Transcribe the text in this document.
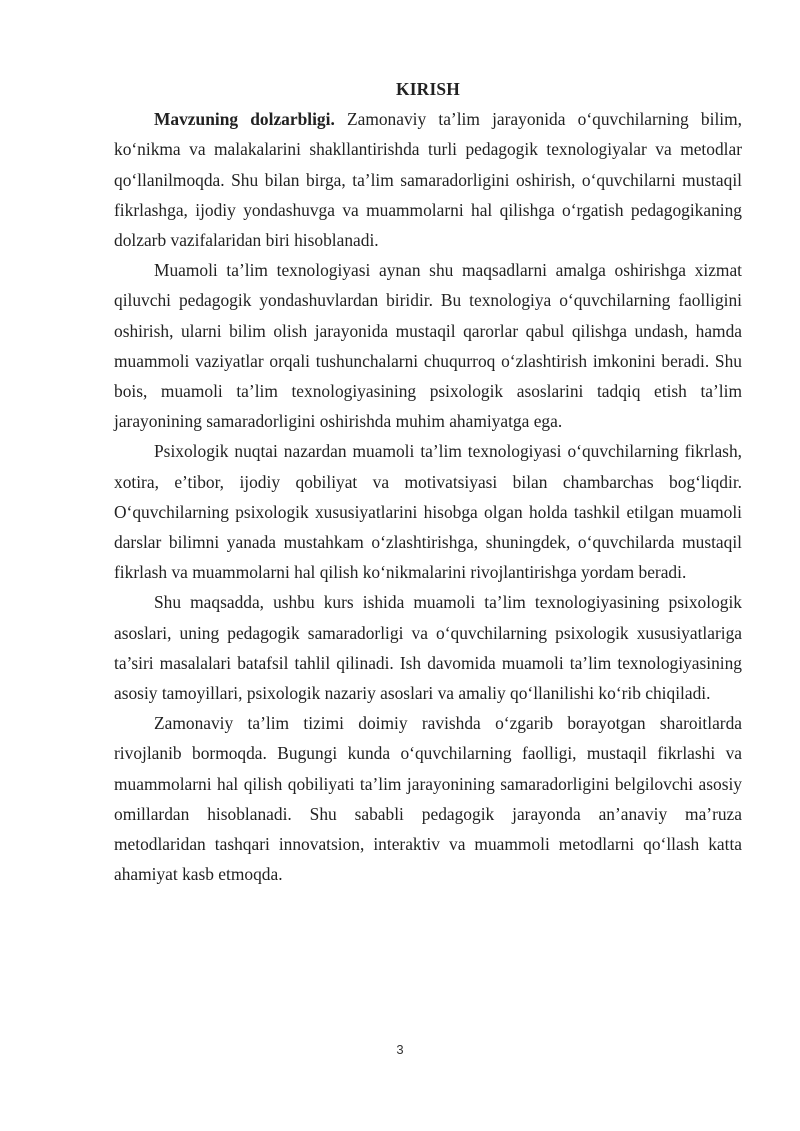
KIRISH

Mavzuning dolzarbligi. Zamonaviy ta’lim jarayonida o‘quvchilarning bilim, ko‘nikma va malakalarini shakllantirishda turli pedagogik texnologiyalar va metodlar qo‘llanilmoqda. Shu bilan birga, ta’lim samaradorligini oshirish, o‘quvchilarni mustaqil fikrlashga, ijodiy yondashuvga va muammolarni hal qilishga o‘rgatish pedagogikaning dolzarb vazifalaridan biri hisoblanadi.

Muamoli ta’lim texnologiyasi aynan shu maqsadlarni amalga oshirishga xizmat qiluvchi pedagogik yondashuvlardan biridir. Bu texnologiya o‘quvchilarning faolligini oshirish, ularni bilim olish jarayonida mustaqil qarorlar qabul qilishga undash, hamda muammoli vaziyatlar orqali tushunchalarni chuqurroq o‘zlashtirish imkonini beradi. Shu bois, muamoli ta’lim texnologiyasining psixologik asoslarini tadqiq etish ta’lim jarayonining samaradorligini oshirishda muhim ahamiyatga ega.

Psixologik nuqtai nazardan muamoli ta’lim texnologiyasi o‘quvchilarning fikrlash, xotira, e’tibor, ijodiy qobiliyat va motivatsiyasi bilan chambarchas bog‘liqdir. O‘quvchilarning psixologik xususiyatlarini hisobga olgan holda tashkil etilgan muamoli darslar bilimni yanada mustahkam o‘zlashtirishga, shuningdek, o‘quvchilarda mustaqil fikrlash va muammolarni hal qilish ko‘nikmalarini rivojlantirishga yordam beradi.

Shu maqsadda, ushbu kurs ishida muamoli ta’lim texnologiyasining psixologik asoslari, uning pedagogik samaradorligi va o‘quvchilarning psixologik xususiyatlariga ta’siri masalalari batafsil tahlil qilinadi. Ish davomida muamoli ta’lim texnologiyasining asosiy tamoyillari, psixologik nazariy asoslari va amaliy qo‘llanilishi ko‘rib chiqiladi.

Zamonaviy ta’lim tizimi doimiy ravishda o‘zgarib borayotgan sharoitlarda rivojlanib bormoqda. Bugungi kunda o‘quvchilarning faolligi, mustaqil fikrlashi va muammolarni hal qilish qobiliyati ta’lim jarayonining samaradorligini belgilovchi asosiy omillardan hisoblanadi. Shu sababli pedagogik jarayonda an’anaviy ma’ruza metodlaridan tashqari innovatsion, interaktiv va muammoli metodlarni qo‘llash katta ahamiyat kasb etmoqda.

3
